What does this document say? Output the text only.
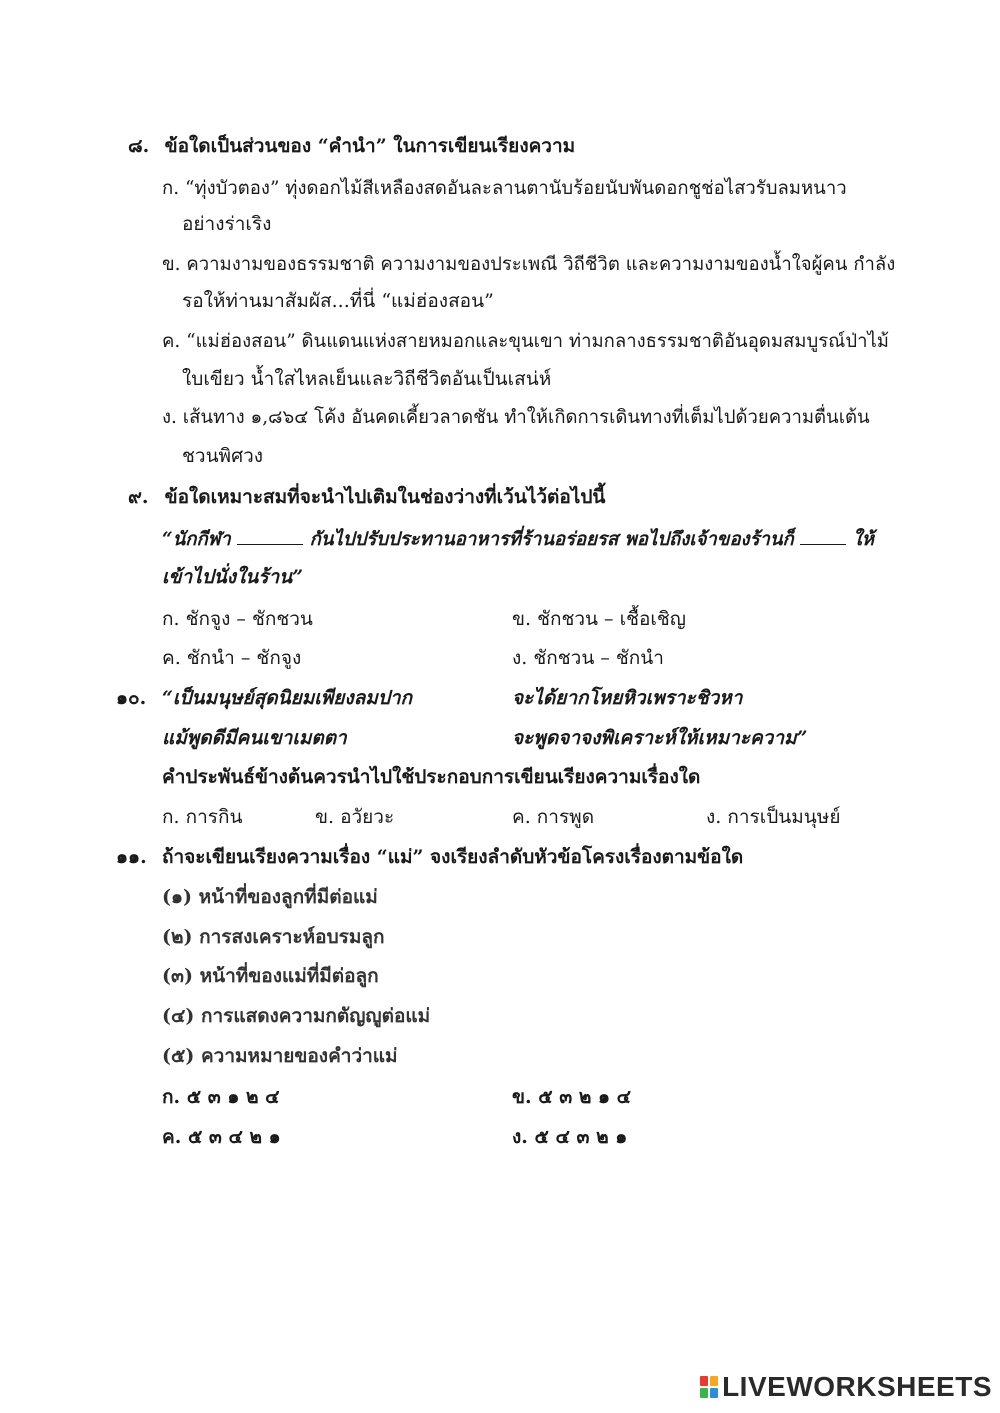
๘. ข้อใดเป็นส่วนของ “คำนำ” ในการเขียนเรียงความ
ก. “ทุ่งบัวตอง” ทุ่งดอกไม้สีเหลืองสดอันละลานตานับร้อยนับพันดอกชูช่อไสวรับลมหนาว
อย่างร่าเริง
ข. ความงามของธรรมชาติ ความงามของประเพณี วิถีชีวิต และความงามของน้ำใจผู้คน กำลัง
รอให้ท่านมาสัมผัส...ที่นี่ “แม่ฮ่องสอน”
ค. “แม่ฮ่องสอน” ดินแดนแห่งสายหมอกและขุนเขา ท่ามกลางธรรมชาติอันอุดมสมบูรณ์ป่าไม้
ใบเขียว น้ำใสไหลเย็นและวิถีชีวิตอันเป็นเสน่ห์
ง. เส้นทาง ๑,๘๖๔ โค้ง อันคดเคี้ยวลาดชัน ทำให้เกิดการเดินทางที่เต็มไปด้วยความตื่นเต้น
ชวนพิศวง
๙. ข้อใดเหมาะสมที่จะนำไปเติมในช่องว่างที่เว้นไว้ต่อไปนี้
“นักกีฬา	กันไปปรับประทานอาหารที่ร้านอร่อยรส พอไปถึงเจ้าของร้านก็	ให้
เข้าไปนั่งในร้าน”
ก. ชักจูง – ชักชวน	ข. ชักชวน – เชื้อเชิญ
ค. ชักนำ – ชักจูง	ง. ชักชวน – ชักนำ
๑๐. “เป็นมนุษย์สุดนิยมเพียงลมปาก	จะได้ยากโหยหิวเพราะชิวหา
แม้พูดดีมีคนเขาเมตตา	จะพูดจาจงพิเคราะห์ให้เหมาะความ”
คำประพันธ์ข้างต้นควรนำไปใช้ประกอบการเขียนเรียงความเรื่องใด
ก. การกิน	ข. อวัยวะ	ค. การพูด	ง. การเป็นมนุษย์
๑๑. ถ้าจะเขียนเรียงความเรื่อง “แม่” จงเรียงลำดับหัวข้อโครงเรื่องตามข้อใด
(๑) หน้าที่ของลูกที่มีต่อแม่
(๒) การสงเคราะห์อบรมลูก
(๓) หน้าที่ของแม่ที่มีต่อลูก
(๔) การแสดงความกตัญญูต่อแม่
(๕) ความหมายของคำว่าแม่
ก. ๕ ๓ ๑ ๒ ๔	ข. ๕ ๓ ๒ ๑ ๔
ค. ๕ ๓ ๔ ๒ ๑	ง. ๕ ๔ ๓ ๒ ๑
LIVEWORKSHEETS
